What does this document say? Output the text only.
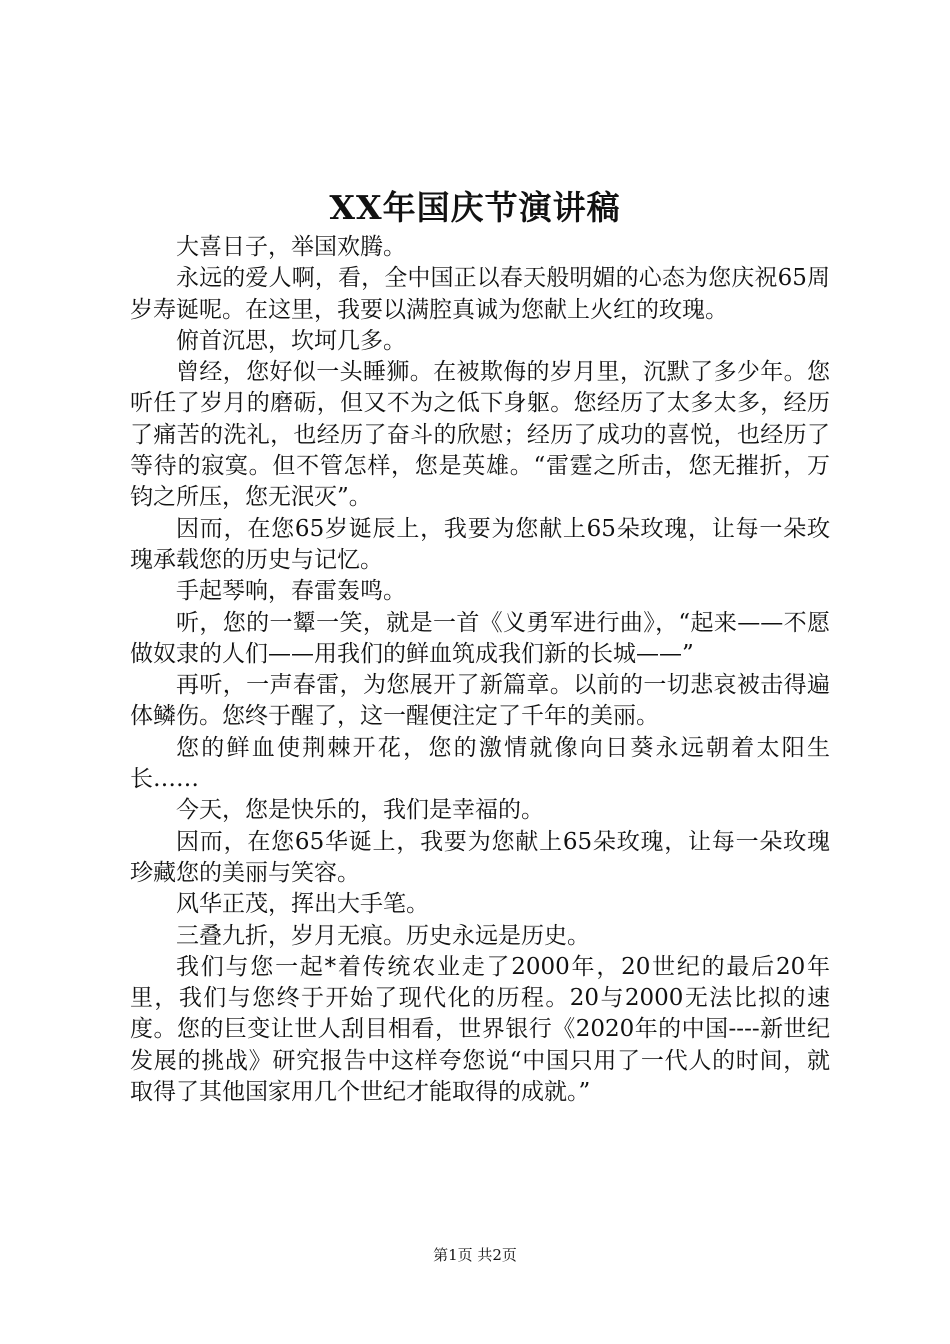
XX年国庆节演讲稿

大喜日子，举国欢腾。

永远的爱人啊，看，全中国正以春天般明媚的心态为您庆祝65周岁寿诞呢。在这里，我要以满腔真诚为您献上火红的玫瑰。

俯首沉思，坎坷几多。

曾经，您好似一头睡狮。在被欺侮的岁月里，沉默了多少年。您听任了岁月的磨砺，但又不为之低下身躯。您经历了太多太多，经历了痛苦的洗礼，也经历了奋斗的欣慰；经历了成功的喜悦，也经历了等待的寂寞。但不管怎样，您是英雄。“雷霆之所击，您无摧折，万钧之所压，您无泯灭”。

因而，在您65岁诞辰上，我要为您献上65朵玫瑰，让每一朵玫瑰承载您的历史与记忆。

手起琴响，春雷轰鸣。

听，您的一颦一笑，就是一首《义勇军进行曲》，“起来——不愿做奴隶的人们——用我们的鲜血筑成我们新的长城——”

再听，一声春雷，为您展开了新篇章。以前的一切悲哀被击得遍体鳞伤。您终于醒了，这一醒便注定了千年的美丽。

您的鲜血使荆棘开花，您的激情就像向日葵永远朝着太阳生长……

今天，您是快乐的，我们是幸福的。

因而，在您65华诞上，我要为您献上65朵玫瑰，让每一朵玫瑰珍藏您的美丽与笑容。

风华正茂，挥出大手笔。

三叠九折，岁月无痕。历史永远是历史。

我们与您一起*着传统农业走了2000年，20世纪的最后20年里，我们与您终于开始了现代化的历程。20与2000无法比拟的速度。您的巨变让世人刮目相看，世界银行《2020年的中国----新世纪发展的挑战》研究报告中这样夸您说“中国只用了一代人的时间，就取得了其他国家用几个世纪才能取得的成就。”

第1页 共2页
